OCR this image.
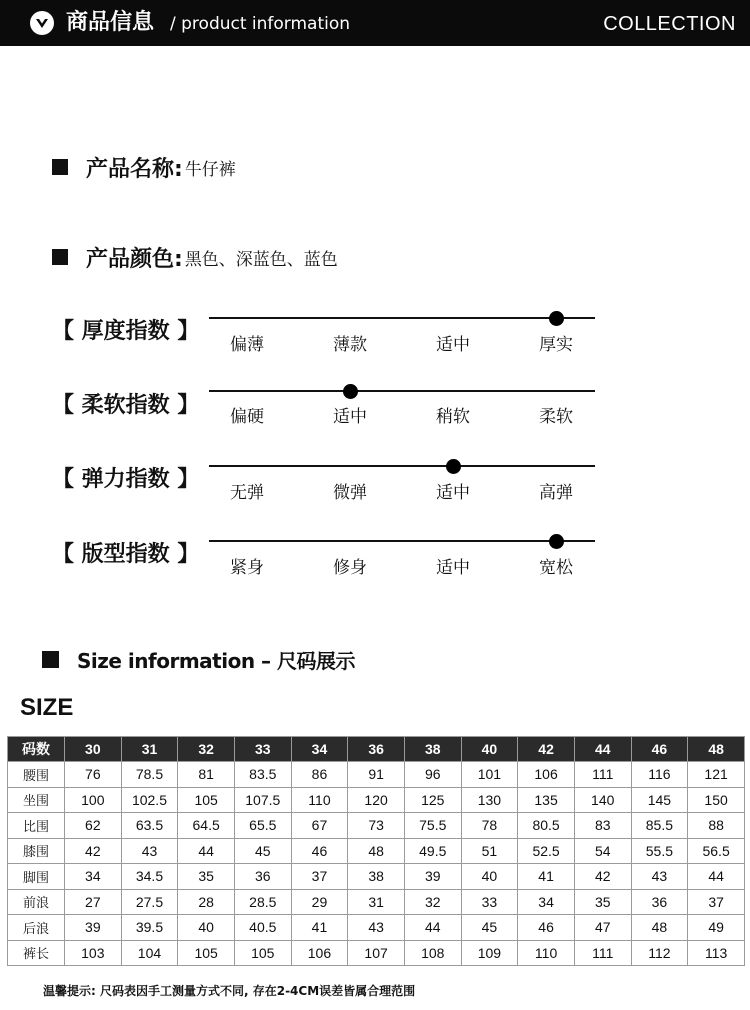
商品信息 / product information	COLLECTION
产品名称: 牛仔裤
产品颜色: 黑色、深蓝色、蓝色
【 厚度指数 】
偏薄	薄款	适中	厚实
【 柔软指数 】	偏硬	适中	稍软	柔软
【 弹力指数 】
无弹	微弹	适中	高弹
【 版型指数 】
紧身	修身	适中	宽松
Size information – 尺码展示
SIZE
码数	30	31	32	33	34	36	38	40	42	44	46	48
腰围	76	78.5	81	83.5	86	91	96	101	106	111	116	121
坐围	100	102.5	105	107.5	110	120	125	130	135	140	145	150
比围	62	63.5	64.5	65.5	67	73	75.5	78	80.5	83	85.5	88
膝围	42	43	44	45	46	48	49.5	51	52.5	54	55.5	56.5
脚围	34	34.5	35	36	37	38	39	40	41	42	43	44
前浪	27	27.5	28	28.5	29	31	32	33	34	35	36	37
后浪	39	39.5	40	40.5	41	43	44	45	46	47	48	49
裤长	103	104	105	105	106	107	108	109	110	111	112	113
温馨提示: 尺码表因手工测量方式不同, 存在2-4CM误差皆属合理范围
